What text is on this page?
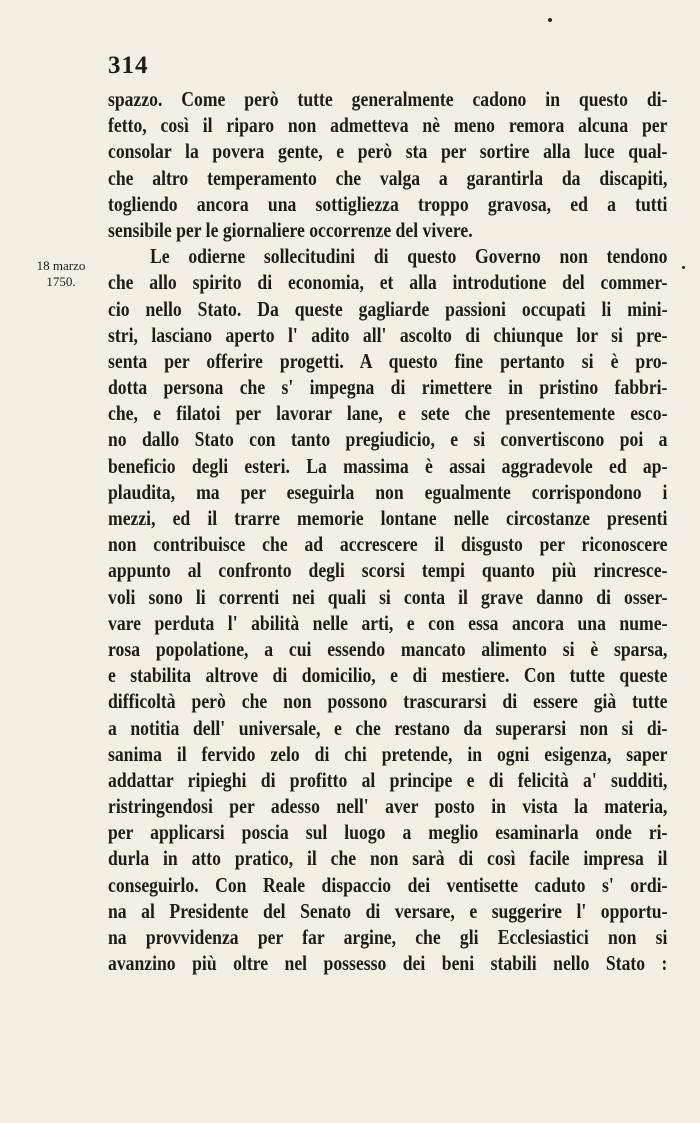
314
18 marzo
1750.
spazzo. Come però tutte generalmente cadono in questo di-
fetto, così il riparo non admetteva nè meno remora alcuna per
consolar la povera gente, e però sta per sortire alla luce qual-
che altro temperamento che valga a garantirla da discapiti,
togliendo ancora una sottigliezza troppo gravosa, ed a tutti
sensibile per le giornaliere occorrenze del vivere.
Le odierne sollecitudini di questo Governo non tendono
che allo spirito di economia, et alla introdutione del commer-
cio nello Stato. Da queste gagliarde passioni occupati li mini-
stri, lasciano aperto l' adito all' ascolto di chiunque lor si pre-
senta per offerire progetti. A questo fine pertanto si è pro-
dotta persona che s' impegna di rimettere in pristino fabbri-
che, e filatoi per lavorar lane, e sete che presentemente esco-
no dallo Stato con tanto pregiudicio, e si convertiscono poi a
beneficio degli esteri. La massima è assai aggradevole ed ap-
plaudita, ma per eseguirla non egualmente corrispondono i
mezzi, ed il trarre memorie lontane nelle circostanze presenti
non contribuisce che ad accrescere il disgusto per riconoscere
appunto al confronto degli scorsi tempi quanto più rincresce-
voli sono li correnti nei quali si conta il grave danno di osser-
vare perduta l' abilità nelle arti, e con essa ancora una nume-
rosa popolatione, a cui essendo mancato alimento si è sparsa,
e stabilita altrove di domicilio, e di mestiere. Con tutte queste
difficoltà però che non possono trascurarsi di essere già tutte
a notitia dell' universale, e che restano da superarsi non si di-
sanima il fervido zelo di chi pretende, in ogni esigenza, saper
addattar ripieghi di profitto al principe e di felicità a' sudditi,
ristringendosi per adesso nell' aver posto in vista la materia,
per applicarsi poscia sul luogo a meglio esaminarla onde ri-
durla in atto pratico, il che non sarà di così facile impresa il
conseguirlo. Con Reale dispaccio dei ventisette caduto s' ordi-
na al Presidente del Senato di versare, e suggerire l' opportu-
na provvidenza per far argine, che gli Ecclesiastici non si
avanzino più oltre nel possesso dei beni stabili nello Stato :
